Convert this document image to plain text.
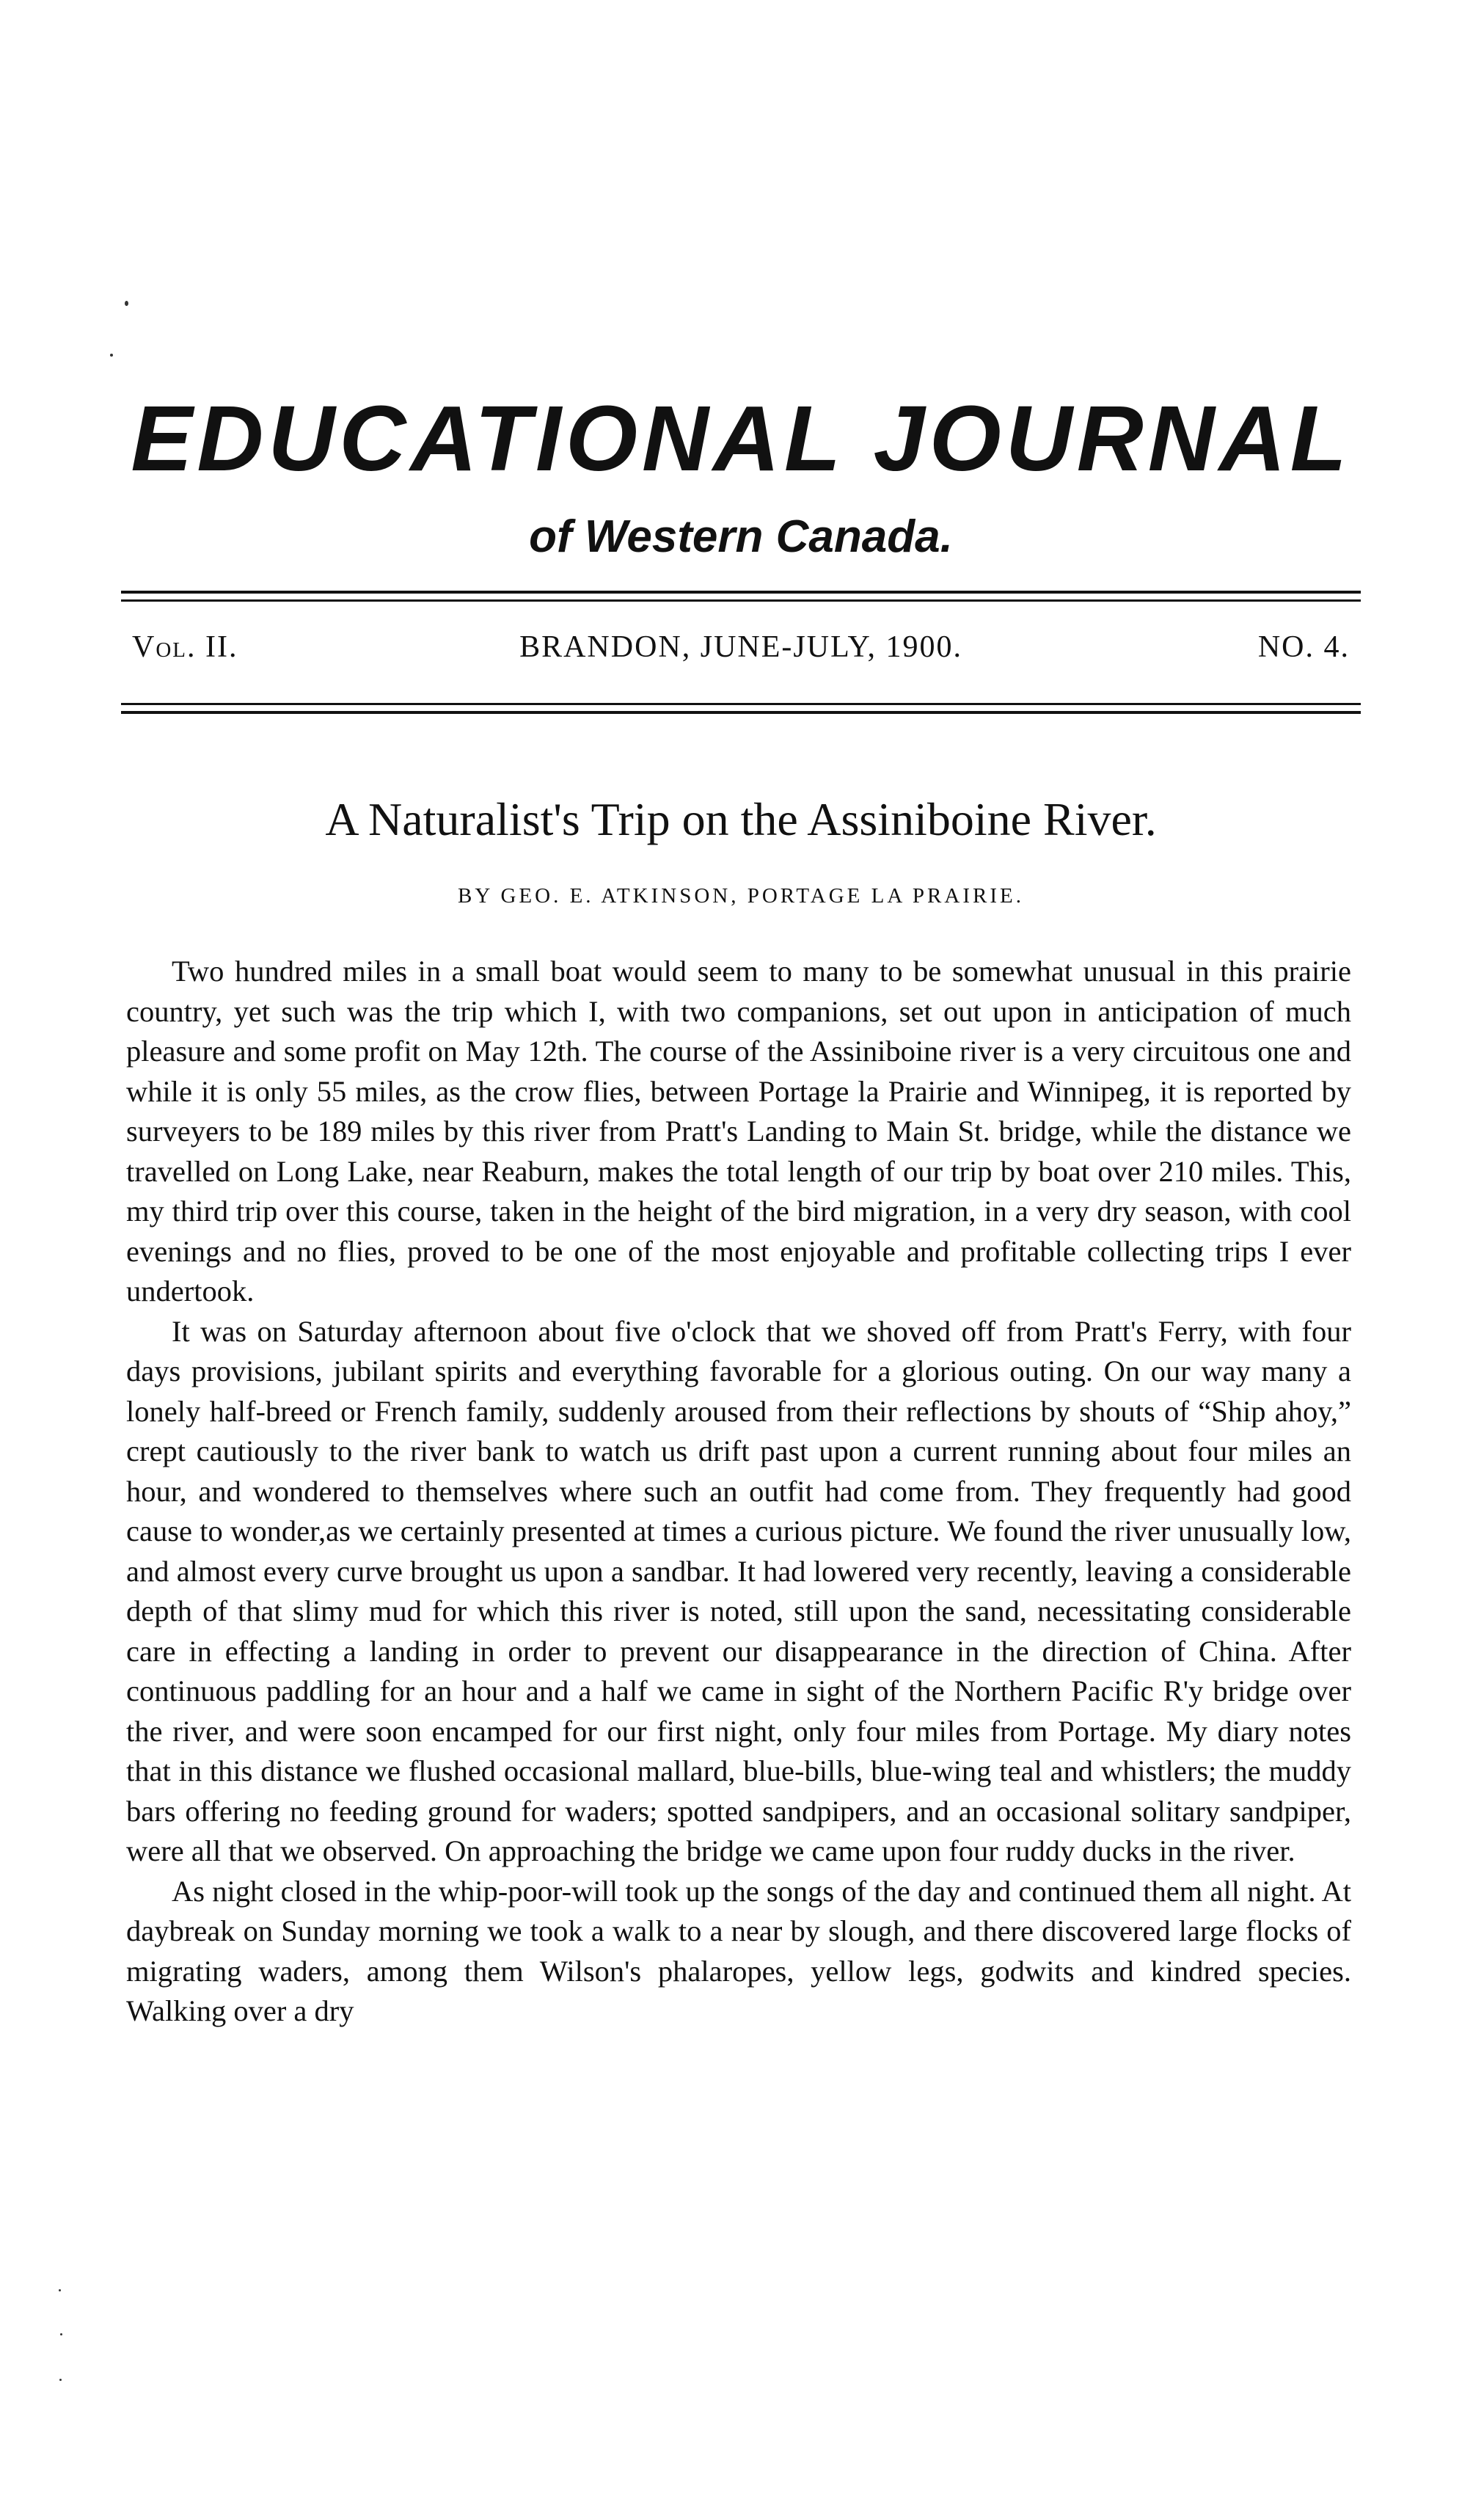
EDUCATIONAL JOURNAL
of Western Canada.
Vol. II.	BRANDON, JUNE-JULY, 1900.	NO. 4.
A Naturalist's Trip on the Assiniboine River.
BY GEO. E. ATKINSON, PORTAGE LA PRAIRIE.

Two hundred miles in a small boat would seem to many to be somewhat unusual in this prairie country, yet such was the trip which I, with two companions, set out upon in anticipation of much pleasure and some profit on May 12th. The course of the Assiniboine river is a very circuitous one and while it is only 55 miles, as the crow flies, between Portage la Prairie and Winnipeg, it is reported by surveyers to be 189 miles by this river from Pratt's Landing to Main St. bridge, while the distance we travelled on Long Lake, near Reaburn, makes the total length of our trip by boat over 210 miles. This, my third trip over this course, taken in the height of the bird migration, in a very dry season, with cool evenings and no flies, proved to be one of the most enjoyable and profitable collecting trips I ever undertook.

It was on Saturday afternoon about five o'clock that we shoved off from Pratt's Ferry, with four days provisions, jubilant spirits and everything favorable for a glorious outing. On our way many a lonely half-breed or French family, suddenly aroused from their reflections by shouts of “Ship ahoy,” crept cautiously to the river bank to watch us drift past upon a current running about four miles an hour, and wondered to themselves where such an outfit had come from. They frequently had good cause to wonder,as we certainly presented at times a curious picture. We found the river unusually low, and almost every curve brought us upon a sandbar. It had lowered very recently, leaving a considerable depth of that slimy mud for which this river is noted, still upon the sand, necessitating considerable care in effecting a landing in order to prevent our disappearance in the direction of China. After continuous paddling for an hour and a half we came in sight of the Northern Pacific R'y bridge over the river, and were soon encamped for our first night, only four miles from Portage. My diary notes that in this distance we flushed occasional mallard, blue-bills, blue-wing teal and whistlers; the muddy bars offering no feeding ground for waders; spotted sandpipers, and an occasional solitary sandpiper, were all that we observed. On approaching the bridge we came upon four ruddy ducks in the river.

As night closed in the whip-poor-will took up the songs of the day and continued them all night. At daybreak on Sunday morning we took a walk to a near by slough, and there discovered large flocks of migrating waders, among them Wilson's phalaropes, yellow legs, godwits and kindred species. Walking over a dry
